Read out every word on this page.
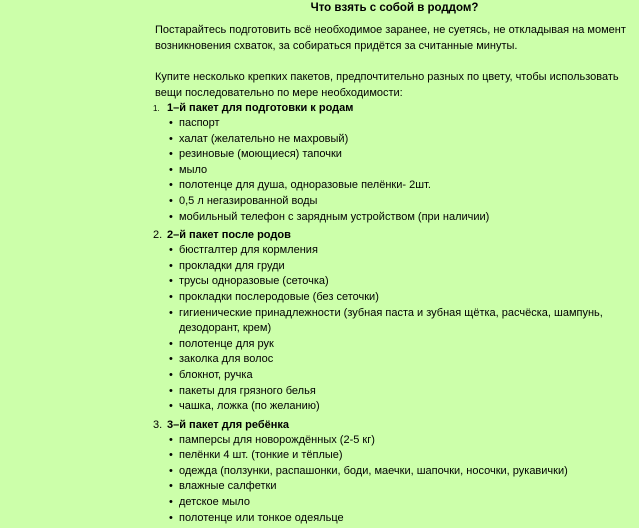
Что взять с собой в роддом?

Постарайтесь подготовить всё необходимое заранее, не суетясь, не откладывая на момент возникновения схваток, за собираться придётся за считанные минуты.

Купите несколько крепких пакетов, предпочтительно разных по цвету, чтобы использовать вещи последовательно по мере необходимости:

1. 1–й пакет для подготовки к родам
• паспорт
• халат (желательно не махровый)
• резиновые (моющиеся) тапочки
• мыло
• полотенце для душа, одноразовые пелёнки- 2шт.
• 0,5 л негазированной воды
• мобильный телефон с зарядным устройством (при наличии)
2. 2–й пакет после родов
• бюстгалтер для кормления
• прокладки для груди
• трусы одноразовые (сеточка)
• прокладки послеродовые (без сеточки)
• гигиенические принадлежности (зубная паста и зубная щётка, расчёска, шампунь, дезодорант, крем)
• полотенце для рук
• заколка для волос
• блокнот, ручка
• пакеты для грязного белья
• чашка, ложка (по желанию)
3. 3–й пакет для ребёнка
• памперсы для новорождённых (2-5 кг)
• пелёнки 4 шт. (тонкие и тёплые)
• одежда (ползунки, распашонки, боди, маечки, шапочки, носочки, рукавички)
• влажные салфетки
• детское мыло
• полотенце или тонкое одеяльце
